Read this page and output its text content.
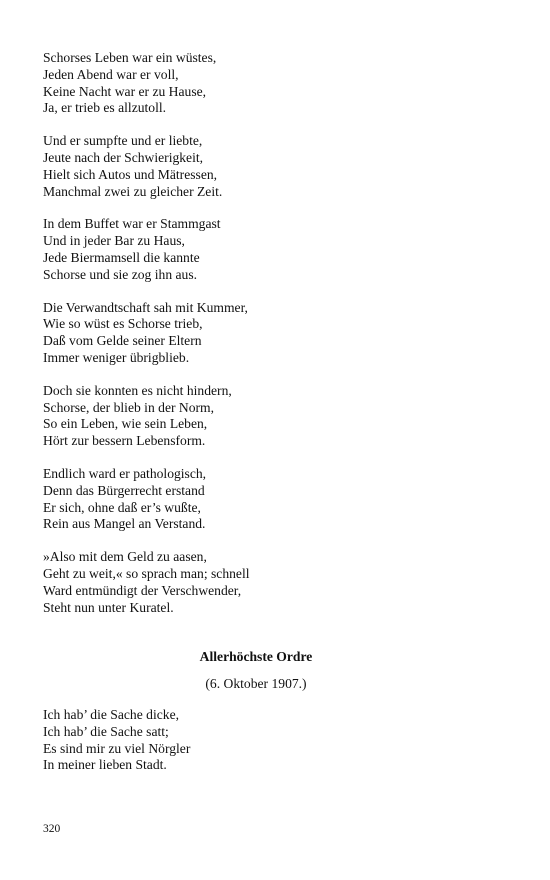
Schorses Leben war ein wüstes,
Jeden Abend war er voll,
Keine Nacht war er zu Hause,
Ja, er trieb es allzutoll.
Und er sumpfte und er liebte,
Jeute nach der Schwierigkeit,
Hielt sich Autos und Mätressen,
Manchmal zwei zu gleicher Zeit.
In dem Buffet war er Stammgast
Und in jeder Bar zu Haus,
Jede Biermamsell die kannte
Schorse und sie zog ihn aus.
Die Verwandtschaft sah mit Kummer,
Wie so wüst es Schorse trieb,
Daß vom Gelde seiner Eltern
Immer weniger übrigblieb.
Doch sie konnten es nicht hindern,
Schorse, der blieb in der Norm,
So ein Leben, wie sein Leben,
Hört zur bessern Lebensform.
Endlich ward er pathologisch,
Denn das Bürgerrecht erstand
Er sich, ohne daß er’s wußte,
Rein aus Mangel an Verstand.
»Also mit dem Geld zu aasen,
Geht zu weit,« so sprach man; schnell
Ward entmündigt der Verschwender,
Steht nun unter Kuratel.
Allerhöchste Ordre
(6. Oktober 1907.)
Ich hab’ die Sache dicke,
Ich hab’ die Sache satt;
Es sind mir zu viel Nörgler
In meiner lieben Stadt.
320
